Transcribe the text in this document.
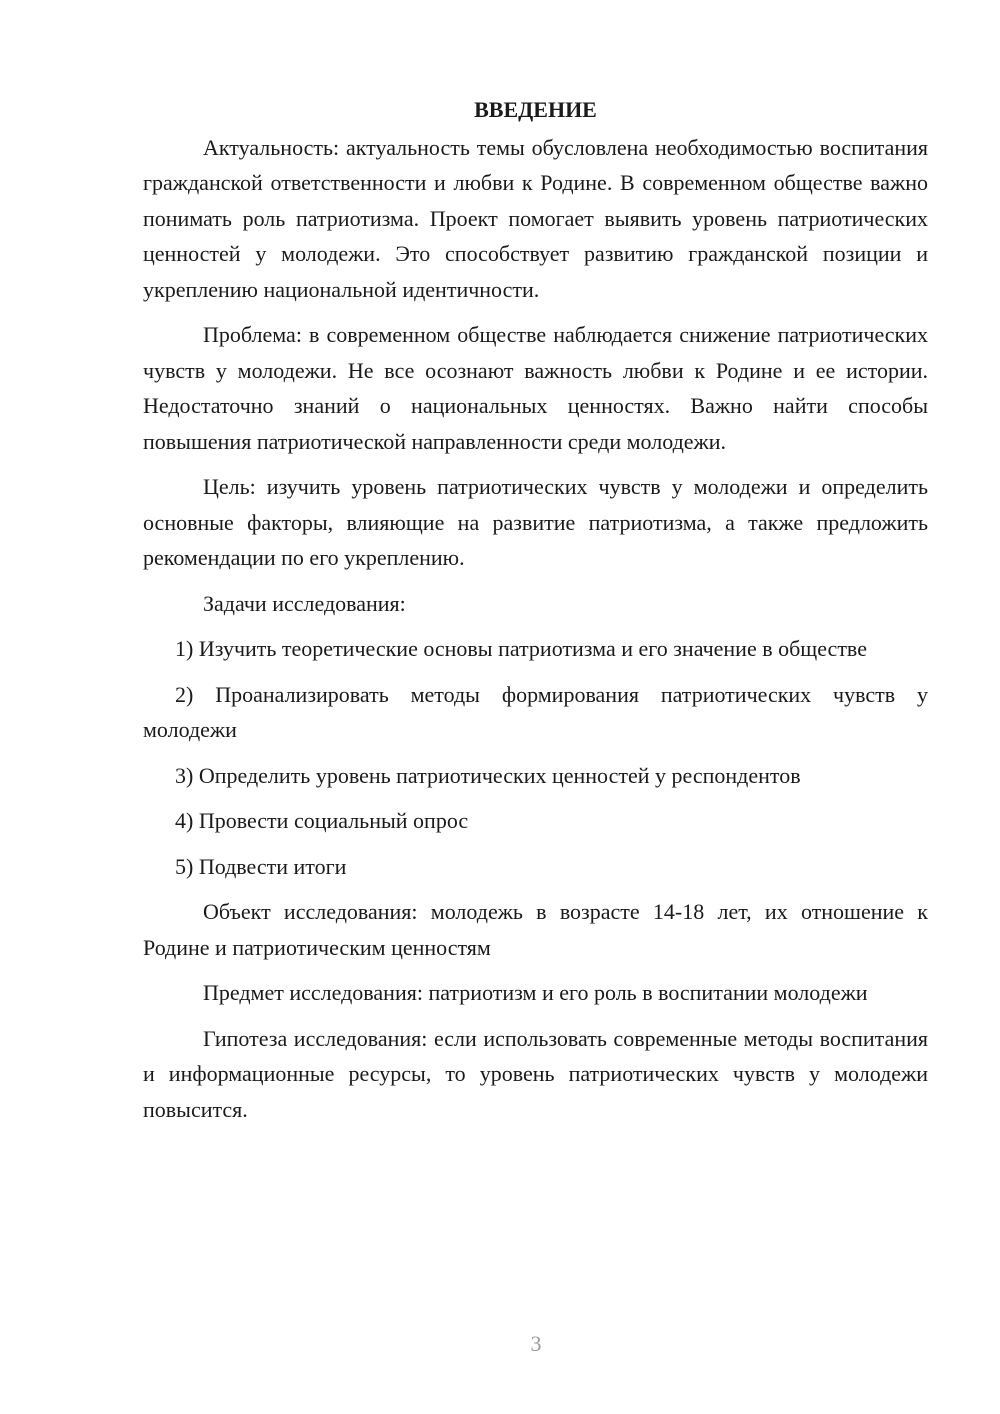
ВВЕДЕНИЕ

Актуальность: актуальность темы обусловлена необходимостью воспитания гражданской ответственности и любви к Родине. В современном обществе важно понимать роль патриотизма. Проект помогает выявить уровень патриотических ценностей у молодежи. Это способствует развитию гражданской позиции и укреплению национальной идентичности.

Проблема: в современном обществе наблюдается снижение патриотических чувств у молодежи. Не все осознают важность любви к Родине и ее истории. Недостаточно знаний о национальных ценностях. Важно найти способы повышения патриотической направленности среди молодежи.

Цель: изучить уровень патриотических чувств у молодежи и определить основные факторы, влияющие на развитие патриотизма, а также предложить рекомендации по его укреплению.

Задачи исследования:

1) Изучить теоретические основы патриотизма и его значение в обществе

2) Проанализировать методы формирования патриотических чувств у молодежи

3) Определить уровень патриотических ценностей у респондентов

4) Провести социальный опрос

5) Подвести итоги

Объект исследования: молодежь в возрасте 14-18 лет, их отношение к Родине и патриотическим ценностям

Предмет исследования: патриотизм и его роль в воспитании молодежи

Гипотеза исследования: если использовать современные методы воспитания и информационные ресурсы, то уровень патриотических чувств у молодежи повысится.

3
